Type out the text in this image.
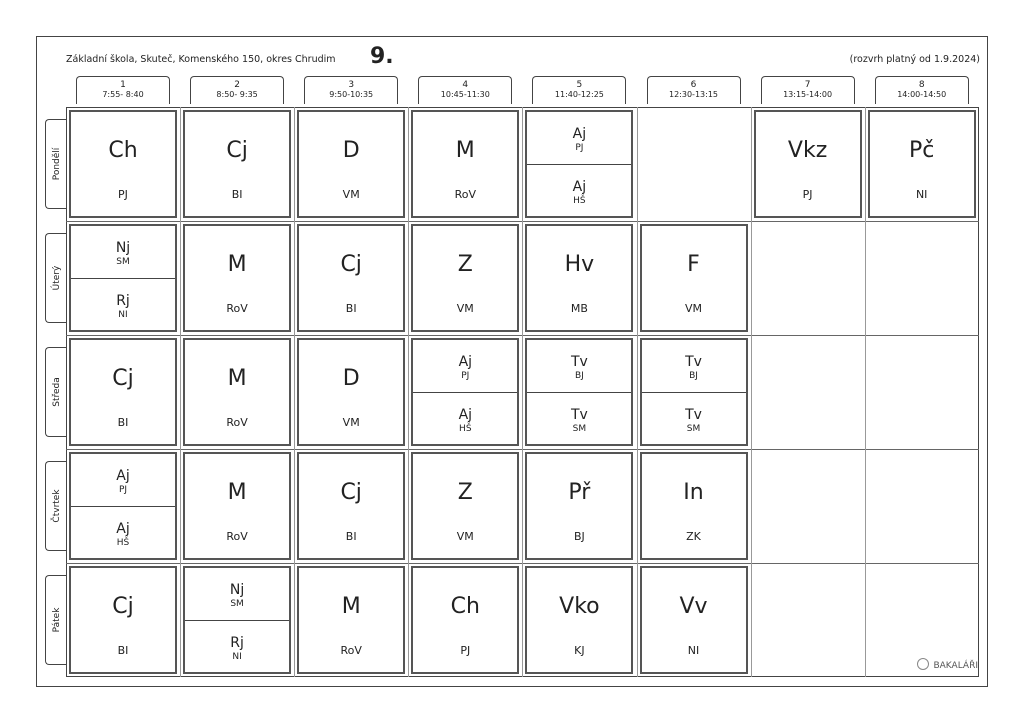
Základní škola, Skuteč, Komenského 150, okres Chrudim 9.	(rozvrh platný od 1.9.2024)
1
7:55- 8:40
2
8:50- 9:35
3
9:50-10:35
4
10:45-11:30
5
11:40-12:25
6
12:30-13:15
7
13:15-14:00
8
14:00-14:50
Pondělí
Úterý
Středa
Čtvrtek
Pátek
Ch
PJ
Cj
BI
D
VM
M
RoV
Aj
PJ
Aj
HŠ
Vkz
PJ
Pč
NI
Nj
SM
Rj
NI
M
RoV
Cj
BI
Z
VM
Hv
MB
F
VM
Cj
BI
M
RoV
D
VM
Aj
PJ
Aj
HŠ
Tv
BJ
Tv
SM
Tv
BJ
Tv
SM
Aj
PJ
Aj
HŠ
M
RoV
Cj
BI
Z
VM
Př
BJ
In
ZK
Cj
BI
Nj
SM
Rj
NI
M
RoV
Ch
PJ
Vko
KJ
Vv
NI
BAKALÁŘI
